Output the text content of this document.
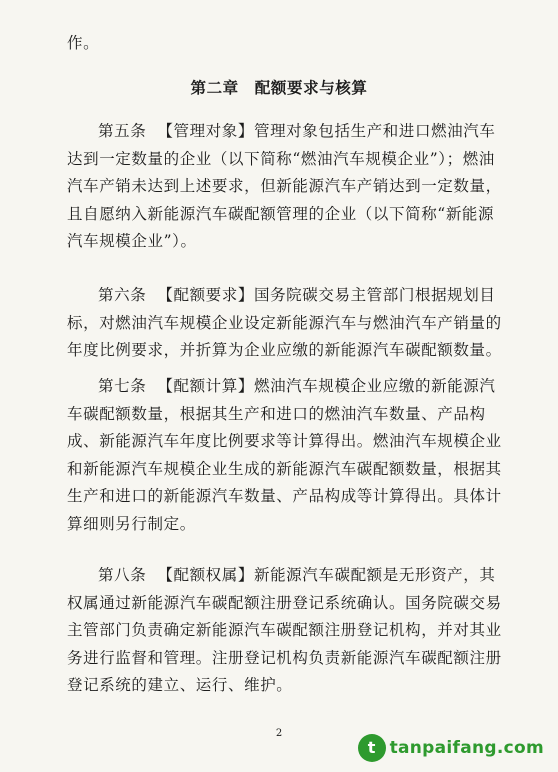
作。

第二章 配额要求与核算

第五条 【管理对象】管理对象包括生产和进口燃油汽车达到一定数量的企业（以下简称“燃油汽车规模企业”）；燃油汽车产销未达到上述要求，但新能源汽车产销达到一定数量，且自愿纳入新能源汽车碳配额管理的企业（以下简称“新能源汽车规模企业”）。

第六条 【配额要求】国务院碳交易主管部门根据规划目标，对燃油汽车规模企业设定新能源汽车与燃油汽车产销量的年度比例要求，并折算为企业应缴的新能源汽车碳配额数量。

第七条 【配额计算】燃油汽车规模企业应缴的新能源汽车碳配额数量，根据其生产和进口的燃油汽车数量、产品构成、新能源汽车年度比例要求等计算得出。燃油汽车规模企业和新能源汽车规模企业生成的新能源汽车碳配额数量，根据其生产和进口的新能源汽车数量、产品构成等计算得出。具体计算细则另行制定。

第八条 【配额权属】新能源汽车碳配额是无形资产，其权属通过新能源汽车碳配额注册登记系统确认。国务院碳交易主管部门负责确定新能源汽车碳配额注册登记机构，并对其业务进行监督和管理。注册登记机构负责新能源汽车碳配额注册登记系统的建立、运行、维护。

2
t tanpaifang.com
